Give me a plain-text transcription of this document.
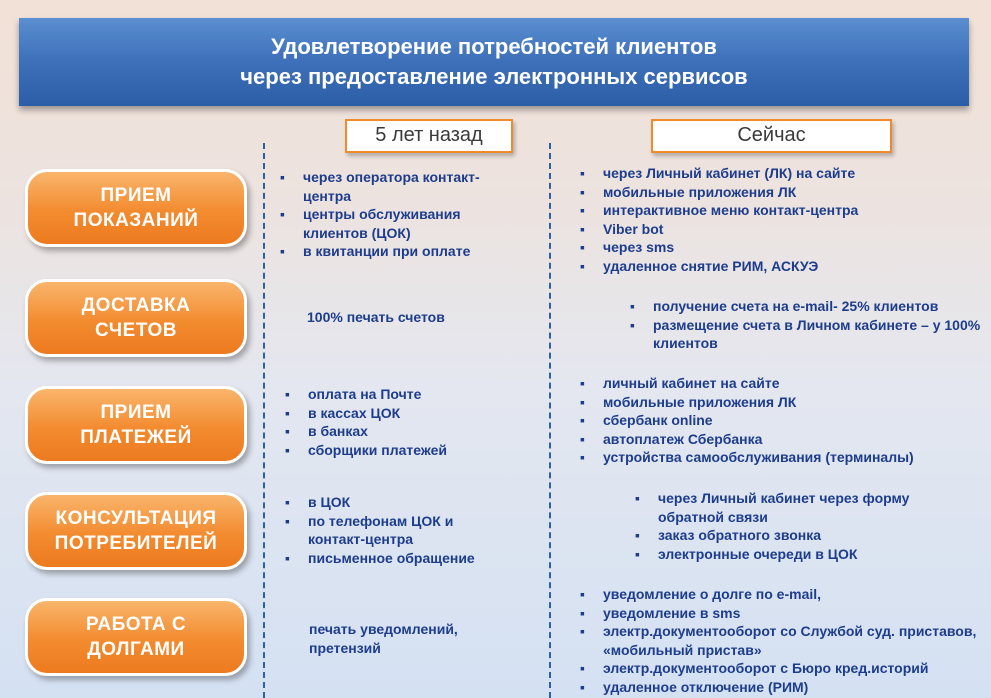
Удовлетворение потребностей клиентов
через предоставление электронных сервисов
5 лет назад	Сейчас
ПРИЕМ
ПОКАЗАНИЙ
▪ через оператора контакт-центра
▪ центры обслуживания клиентов (ЦОК)
▪ в квитанции при оплате
▪ через Личный кабинет (ЛК) на сайте
▪ мобильные приложения ЛК
▪ интерактивное меню контакт-центра
▪ Viber bot
▪ через sms
▪ удаленное снятие РИМ, АСКУЭ
ДОСТАВКА
СЧЕТОВ
100% печать счетов
▪ получение счета на e-mail- 25% клиентов
▪ размещение счета в Личном кабинете – у 100% клиентов
ПРИЕМ
ПЛАТЕЖЕЙ
▪ оплата на Почте
▪ в кассах ЦОК
▪ в банках
▪ сборщики платежей
▪ личный кабинет на сайте
▪ мобильные приложения ЛК
▪ сбербанк online
▪ автоплатеж Сбербанка
▪ устройства самообслуживания (терминалы)
КОНСУЛЬТАЦИЯ
ПОТРЕБИТЕЛЕЙ
▪ в ЦОК
▪ по телефонам ЦОК и контакт-центра
▪ письменное обращение
▪ через Личный кабинет через форму обратной связи
▪ заказ обратного звонка
▪ электронные очереди в ЦОК
РАБОТА С
ДОЛГАМИ
печать уведомлений, претензий
▪ уведомление о долге по e-mail,
▪ уведомление в sms
▪ электр.документооборот со Службой суд. приставов, «мобильный пристав»
▪ электр.документооборот с Бюро кред.историй
▪ удаленное отключение (РИМ)
